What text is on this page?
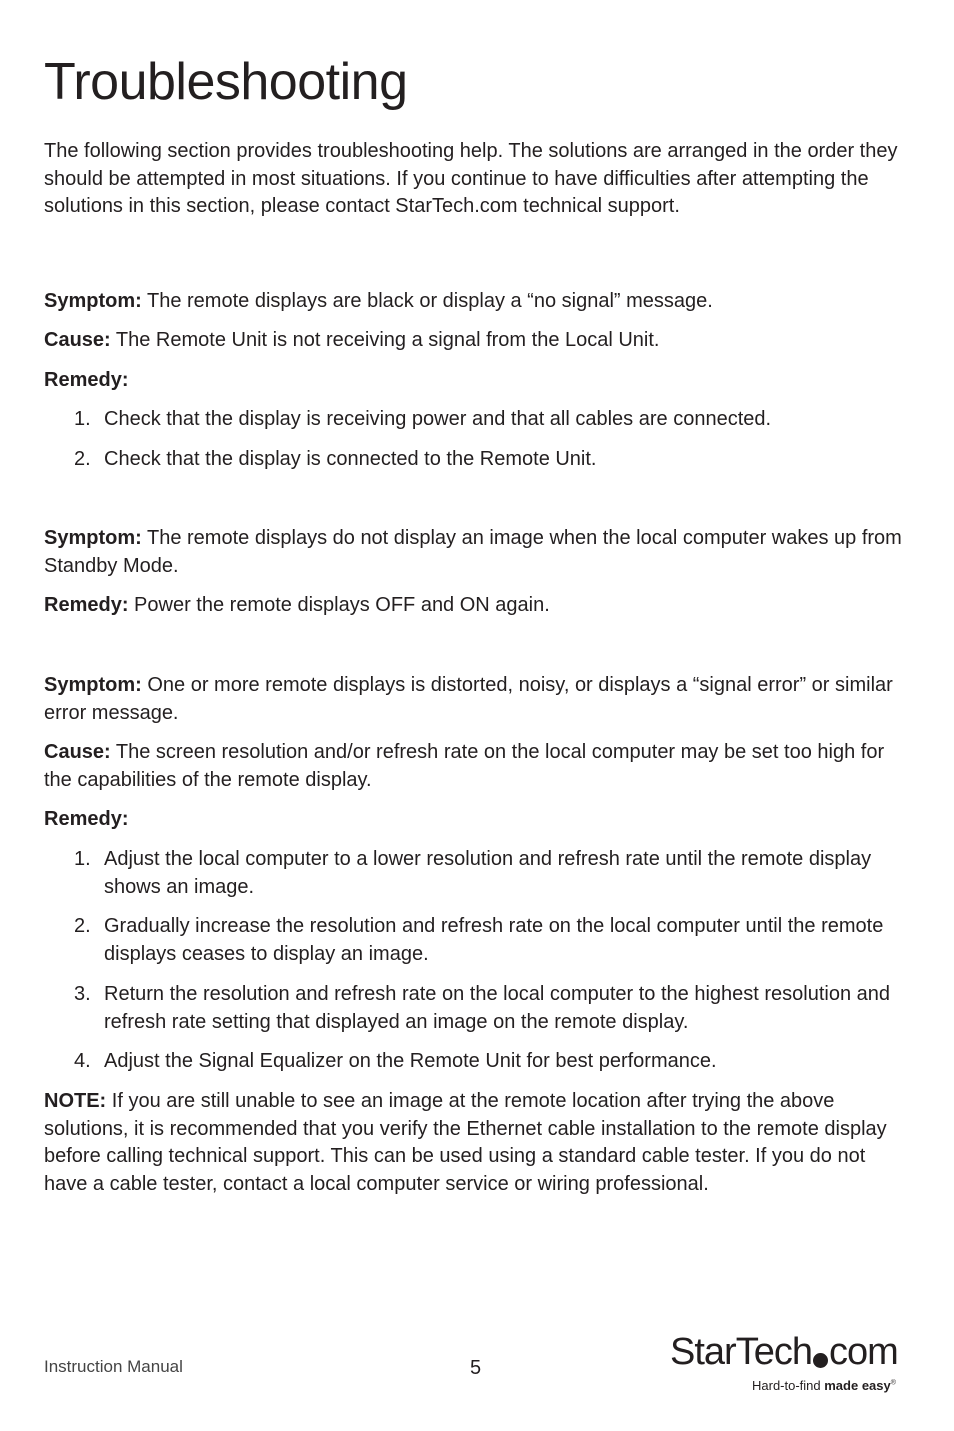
Troubleshooting

The following section provides troubleshooting help. The solutions are arranged in the order they should be attempted in most situations. If you continue to have difficulties after attempting the solutions in this section, please contact StarTech.com technical support.

Symptom: The remote displays are black or display a “no signal” message.

Cause: The Remote Unit is not receiving a signal from the Local Unit.

Remedy:

1. Check that the display is receiving power and that all cables are connected.
2. Check that the display is connected to the Remote Unit.

Symptom: The remote displays do not display an image when the local computer wakes up from Standby Mode.

Remedy: Power the remote displays OFF and ON again.

Symptom: One or more remote displays is distorted, noisy, or displays a “signal error” or similar error message.

Cause: The screen resolution and/or refresh rate on the local computer may be set too high for the capabilities of the remote display.

Remedy:

1. Adjust the local computer to a lower resolution and refresh rate until the remote display shows an image.
2. Gradually increase the resolution and refresh rate on the local computer until the remote displays ceases to display an image.
3. Return the resolution and refresh rate on the local computer to the highest resolution and refresh rate setting that displayed an image on the remote display.
4. Adjust the Signal Equalizer on the Remote Unit for best performance.

NOTE: If you are still unable to see an image at the remote location after trying the above solutions, it is recommended that you verify the Ethernet cable installation to the remote display before calling technical support. This can be used using a standard cable tester. If you do not have a cable tester, contact a local computer service or wiring professional.

Instruction Manual	5	StarTech com
Hard-to-find made easy®
